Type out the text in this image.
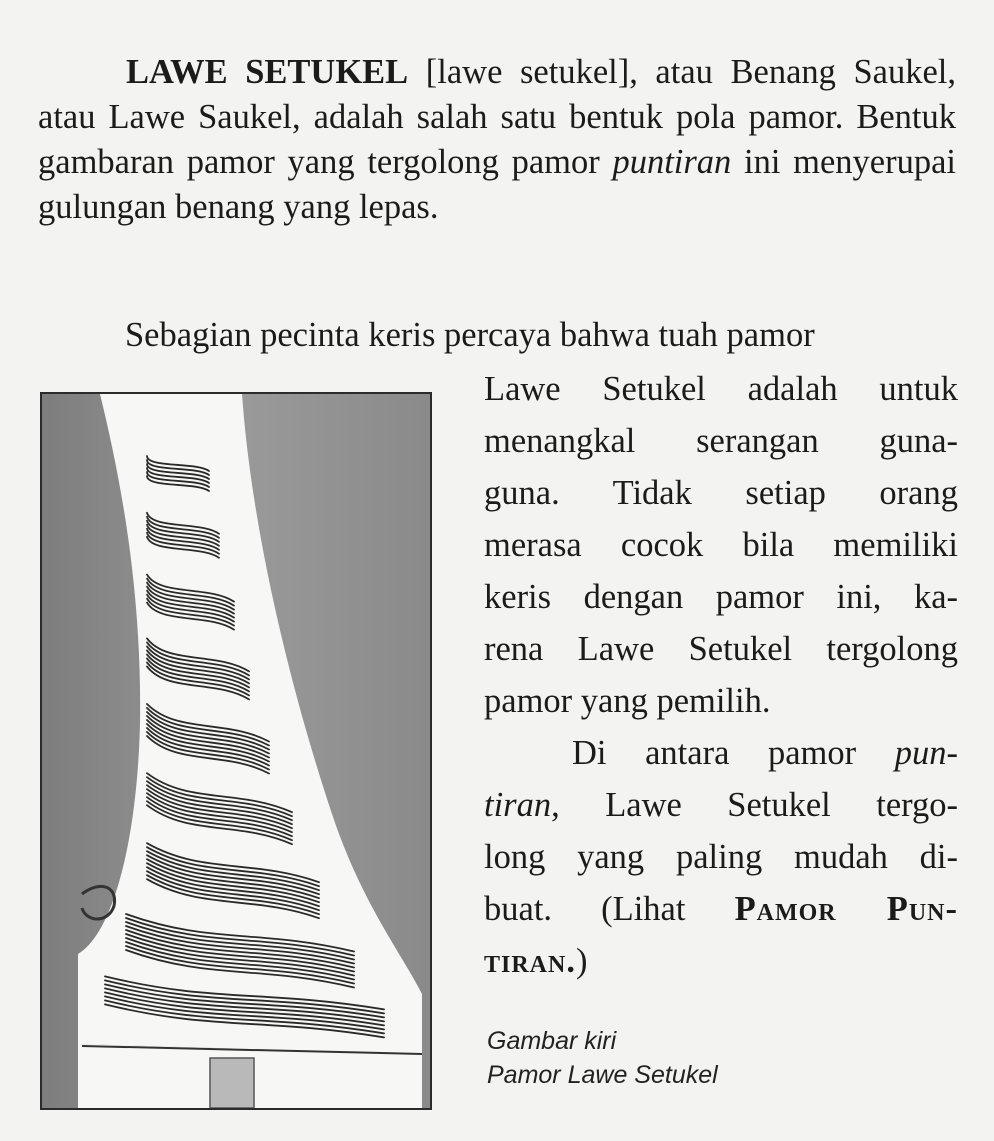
LAWE SETUKEL [lawe setukel], atau Benang Saukel, atau Lawe Saukel, adalah salah satu bentuk pola pamor. Bentuk gambaran pamor yang tergolong pamor puntiran ini menyerupai gulungan benang yang lepas.

Sebagian pecinta keris percaya bahwa tuah pamor

Lawe Setukel adalah untuk
menangkal serangan guna-
guna. Tidak setiap orang
merasa cocok bila memiliki
keris dengan pamor ini, ka-
rena Lawe Setukel tergolong
pamor yang pemilih.
Di antara pamor pun-
tiran, Lawe Setukel tergo-
long yang paling mudah di-
buat. (Lihat Pamor Pun-
tiran.)
Gambar kiri
Pamor Lawe Setukel
